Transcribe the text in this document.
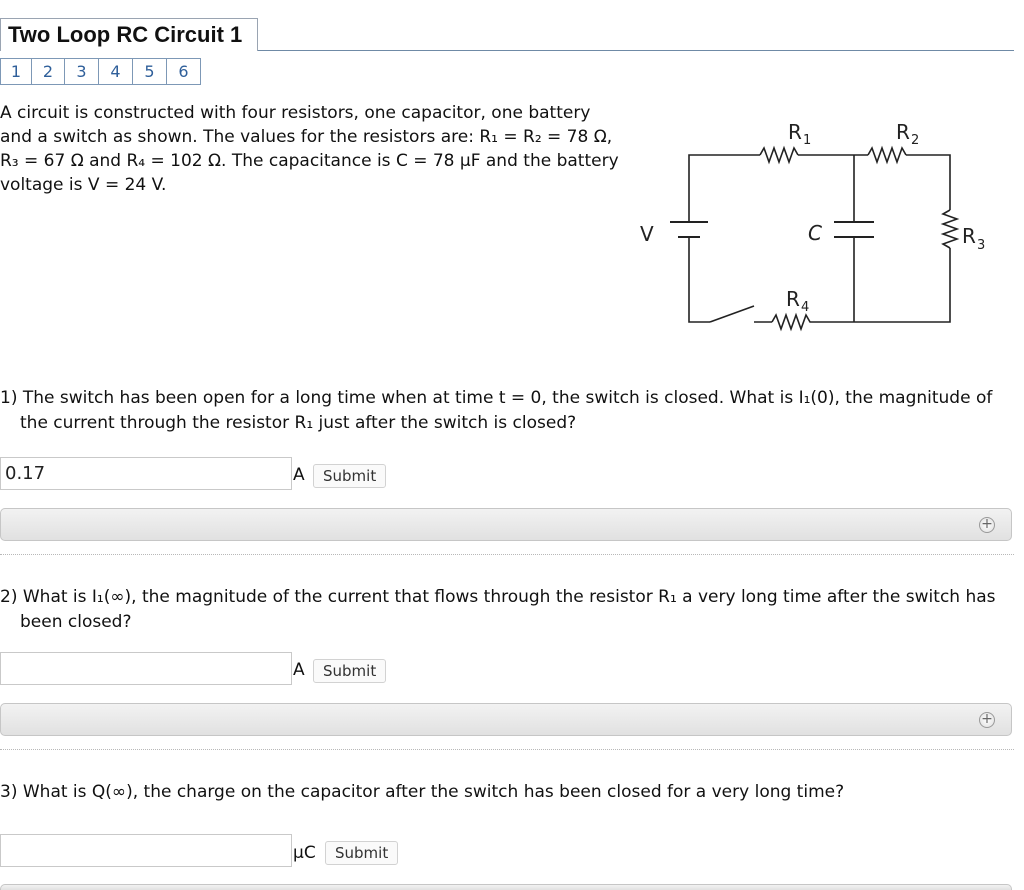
Two Loop RC Circuit 1
1	2	3	4	5	6
A circuit is constructed with four resistors, one capacitor, one battery and a switch as shown. The values for the resistors are: R₁ = R₂ = 78 Ω, R₃ = 67 Ω and R₄ = 102 Ω. The capacitance is C = 78 μF and the battery voltage is V = 24 V.
V	C
R 1	R 2
R 3
R 4
1) The switch has been open for a long time when at time t = 0, the switch is closed. What is I₁(0), the magnitude of the current through the resistor R₁ just after the switch is closed?
0.17
A	Submit
+
2) What is I₁(∞), the magnitude of the current that flows through the resistor R₁ a very long time after the switch has been closed?
A	Submit
+
3) What is Q(∞), the charge on the capacitor after the switch has been closed for a very long time?
μC	Submit
